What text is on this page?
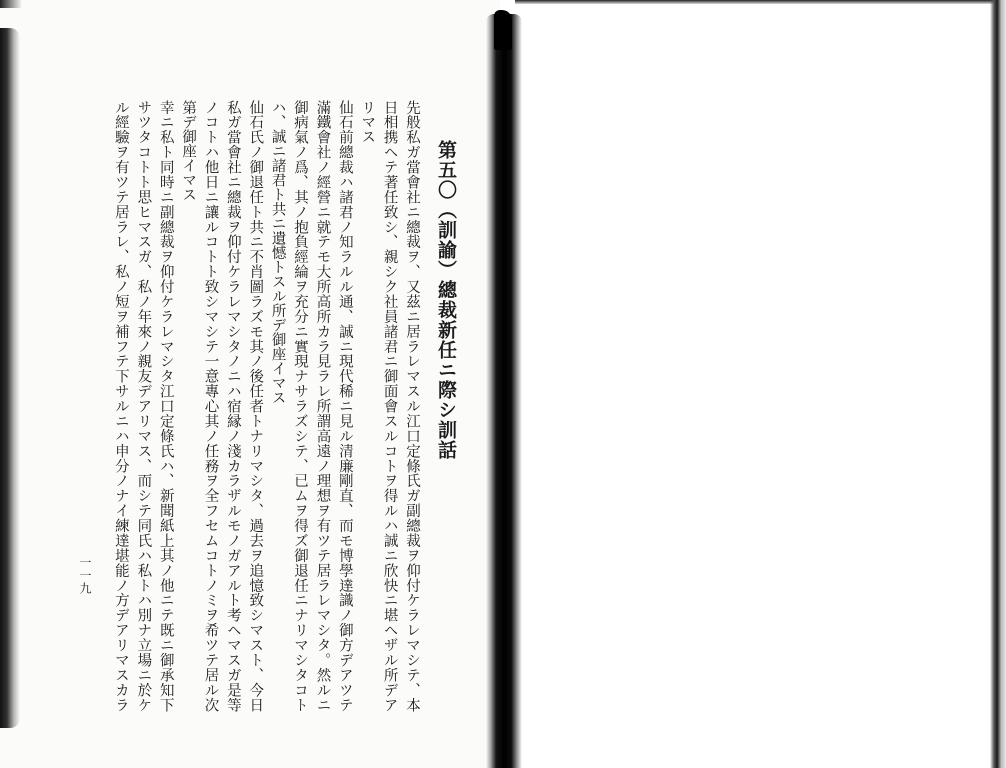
第五〇（訓諭）總裁新任ニ際シ訓話
先般私ガ當會社ニ總裁ヲ、又茲ニ居ラレマスル江口定條氏ガ副總裁ヲ仰付ケラレマシテ、本
日相携ヘテ著任致シ、親シク社員諸君ニ御面會スルコトヲ得ルハ誠ニ欣快ニ堪ヘザル所デア
リマス
仙石前總裁ハ諸君ノ知ラルル通、誠ニ現代稀ニ見ル清廉剛直、而モ博學達識ノ御方デアツテ
滿鐵會社ノ經營ニ就テモ大所高所カラ見ラレ所謂高遠ノ理想ヲ有ツテ居ラレマシタ。然ルニ
御病氣ノ爲、其ノ抱負經綸ヲ充分ニ實現ナサラズシテ、已ムヲ得ズ御退任ニナリマシタコト
ハ、誠ニ諸君ト共ニ遺憾トスル所デ御座イマス
仙石氏ノ御退任ト共ニ不肖圖ラズモ其ノ後任者トナリマシタ、過去ヲ追憶致シマスト、今日
私ガ當會社ニ總裁ヲ仰付ケラレマシタノニハ宿縁ノ淺カラザルモノガアルト考ヘマスガ是等
ノコトハ他日ニ讓ルコトト致シマシテ一意專心其ノ任務ヲ全フセムコトノミヲ希ツテ居ル次
第デ御座イマス
幸ニ私ト同時ニ副總裁ヲ仰付ケラレマシタ江口定條氏ハ、新聞紙上其ノ他ニテ既ニ御承知下
サツタコトト思ヒマスガ、私ノ年來ノ親友デアリマス、而シテ同氏ハ私トハ別ナ立場ニ於ケ
ル經驗ヲ有ツテ居ラレ、私ノ短ヲ補フテ下サルニハ申分ノナイ練達堪能ノ方デアリマスカラ
一一九
